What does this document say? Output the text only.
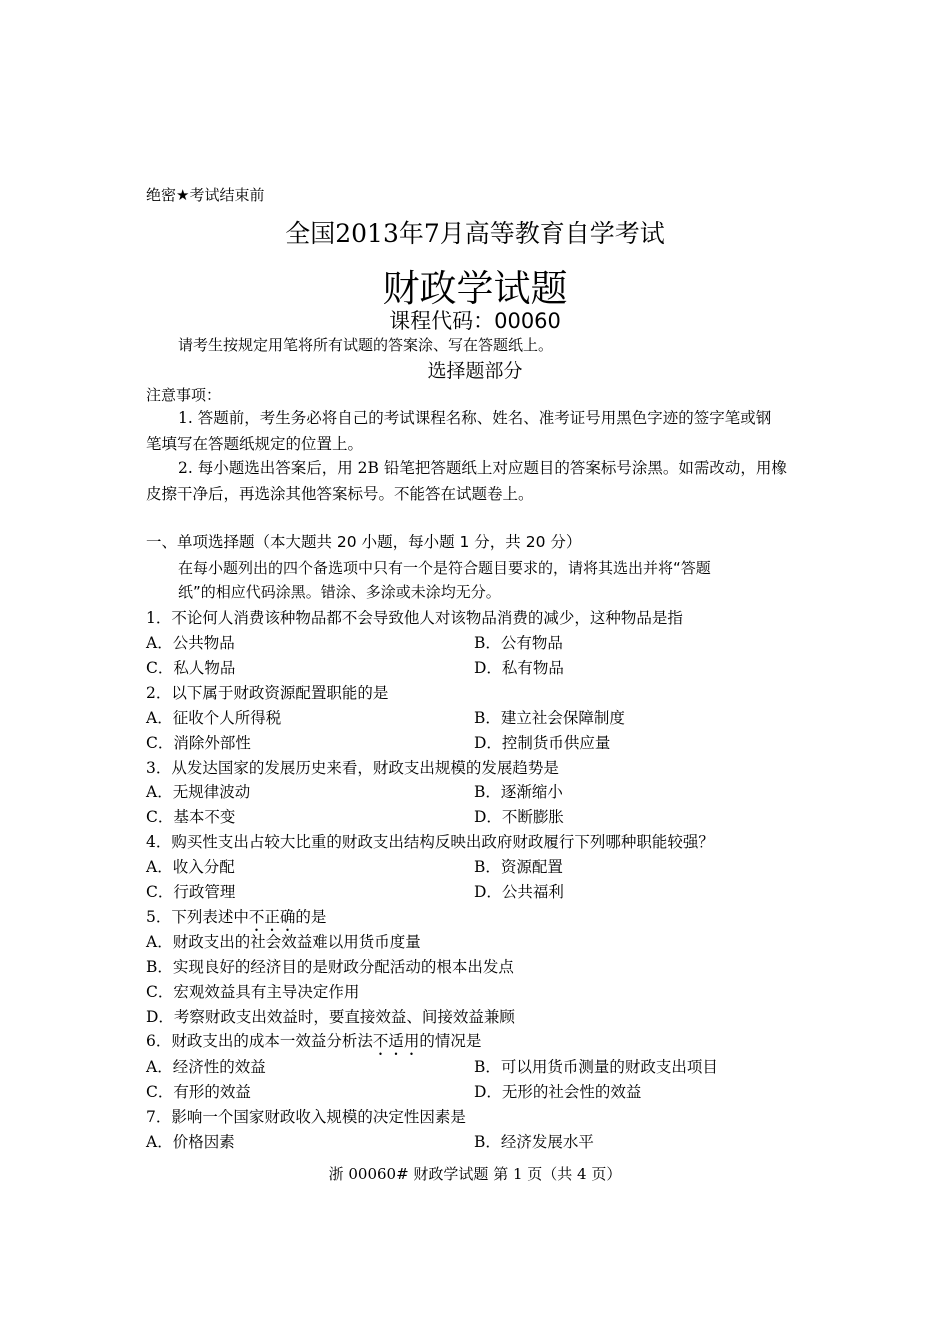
绝密★考试结束前
全国2013年7月高等教育自学考试
财政学试题
课程代码：00060
请考生按规定用笔将所有试题的答案涂、写在答题纸上。
选择题部分
注意事项：
1. 答题前，考生务必将自己的考试课程名称、姓名、准考证号用黑色字迹的签字笔或钢
笔填写在答题纸规定的位置上。
2. 每小题选出答案后，用 2B 铅笔把答题纸上对应题目的答案标号涂黑。如需改动，用橡
皮擦干净后，再选涂其他答案标号。不能答在试题卷上。
一、单项选择题（本大题共 20 小题，每小题 1 分，共 20 分）
在每小题列出的四个备选项中只有一个是符合题目要求的，请将其选出并将“答题
纸”的相应代码涂黑。错涂、多涂或未涂均无分。
1．不论何人消费该种物品都不会导致他人对该物品消费的减少，这种物品是指
A．公共物品	B．公有物品
C．私人物品	D．私有物品
2．以下属于财政资源配置职能的是
A．征收个人所得税	B．建立社会保障制度
C．消除外部性	D．控制货币供应量
3．从发达国家的发展历史来看，财政支出规模的发展趋势是
A．无规律波动	B．逐渐缩小
C．基本不变	D．不断膨胀
4．购买性支出占较大比重的财政支出结构反映出政府财政履行下列哪种职能较强？
A．收入分配	B．资源配置
C．行政管理	D．公共福利
5．下列表述中不正确的是
A．财政支出的社会效益难以用货币度量
B．实现良好的经济目的是财政分配活动的根本出发点
C．宏观效益具有主导决定作用
D．考察财政支出效益时，要直接效益、间接效益兼顾
6．财政支出的成本一效益分析法不适用的情况是
A．经济性的效益	B．可以用货币测量的财政支出项目
C．有形的效益	D．无形的社会性的效益
7．影响一个国家财政收入规模的决定性因素是
A．价格因素	B．经济发展水平
浙 00060# 财政学试题 第 1 页（共 4 页）
